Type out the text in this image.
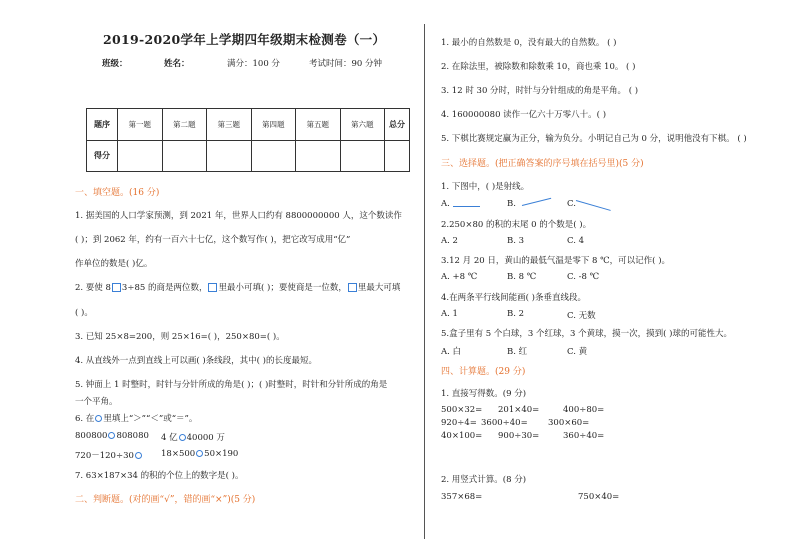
2019-2020学年上学期四年级期末检测卷（一）
班级：	姓名：	满分：100 分	考试时间：90 分钟
题序	第一题	第二题	第三题	第四题	第五题	第六题	总分
得分							
一、填空题。(16 分)
1. 据美国的人口学家预测，到 2021 年，世界人口约有 8800000000 人，这个数读作
( )；到 2062 年，约有一百六十七亿，这个数写作( )，把它改写成用“亿”
作单位的数是( )亿。
2. 要使 8 3÷85 的商是两位数， 里最小可填( )；要使商是一位数， 里最大可填
( )。
3. 已知 25×8=200，则 25×16=( )，250×80=( )。
4. 从直线外一点到直线上可以画( )条线段，其中( )的长度最短。
5. 钟面上 1 时整时，时针与分针所成的角是( )；( )时整时，时针和分针所成的角是
一个平角。
6. 在 里填上“＞”“＜”或“＝”。
800800 808080 4 亿 40000 万
720－120÷30	18×500 50×190
7. 63×187×34 的积的个位上的数字是( )。
二、判断题。(对的画“√”，错的画“×”)(5 分)
1. 最小的自然数是 0，没有最大的自然数。 ( )
2. 在除法里，被除数和除数乘 10，商也乘 10。 ( )
3. 12 时 30 分时，时针与分针组成的角是平角。 ( )
4. 160000080 读作一亿六十万零八十。( )
5. 下棋比赛规定赢为正分，输为负分。小明记自己为 0 分，说明他没有下棋。 ( )
三、选择题。(把正确答案的序号填在括号里)(5 分)
1. 下图中，( )是射线。
A.	B.	C.
2.250×80 的积的末尾 0 的个数是( )。
A. 2	B. 3	C. 4
3.12 月 20 日，黄山的最低气温是零下 8 ℃，可以记作( )。
A. +8 ℃	B. 8 ℃	C. -8 ℃
4.在两条平行线间能画( )条垂直线段。
A. 1	B. 2	C. 无数
5.盒子里有 5 个白球，3 个红球，3 个黄球，摸一次，摸到( )球的可能性大。
A. 白	B. 红	C. 黄
四、计算题。(29 分)
1. 直接写得数。(9 分)
500×32= 201×40=	400÷80=
920÷4= 3600÷40= 300×60=
40×100= 900÷30=	360÷40=
2. 用竖式计算。(8 分)
357×68=	750×40=
